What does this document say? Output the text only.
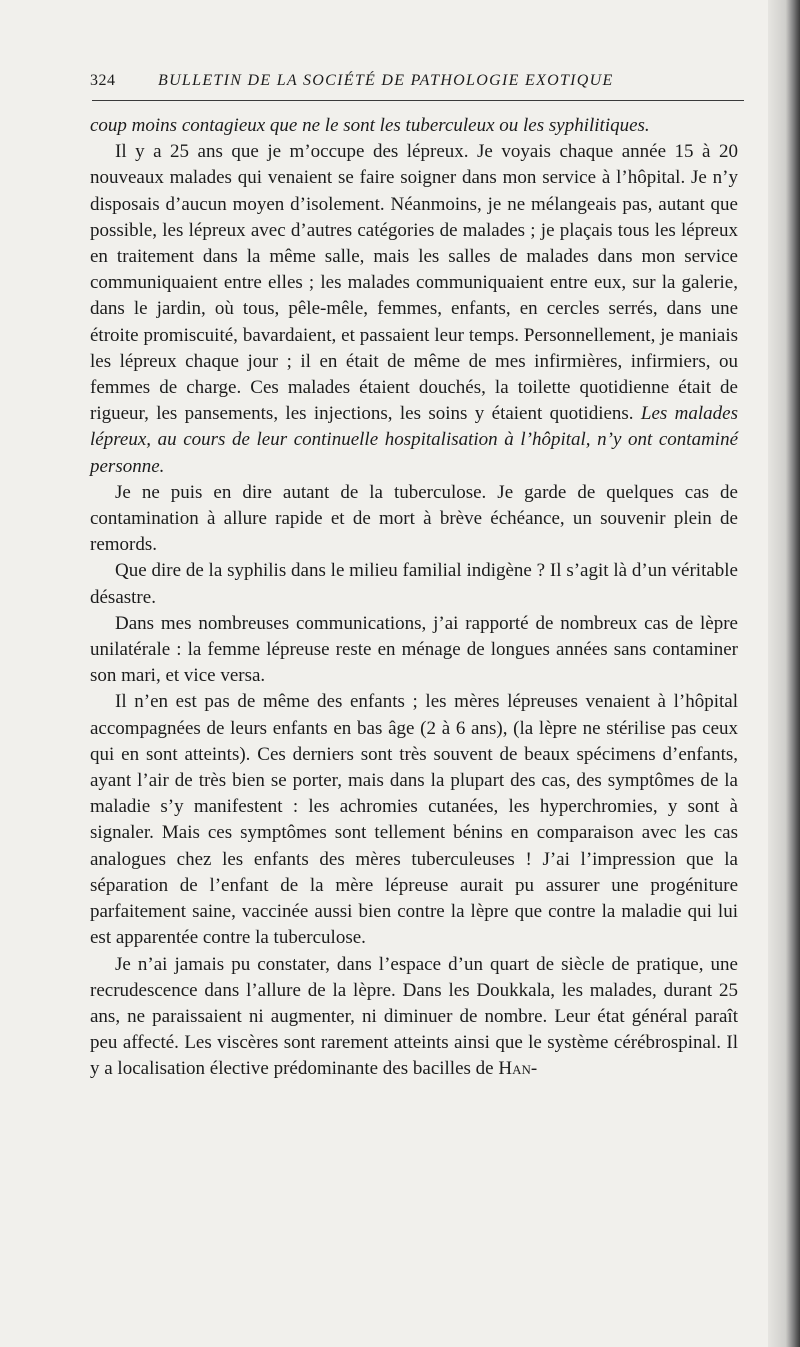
324	BULLETIN DE LA SOCIÉTÉ DE PATHOLOGIE EXOTIQUE

coup moins contagieux que ne le sont les tuberculeux ou les syphilitiques.

Il y a 25 ans que je m’occupe des lépreux. Je voyais chaque année 15 à 20 nouveaux malades qui venaient se faire soigner dans mon service à l’hôpital. Je n’y disposais d’aucun moyen d’isolement. Néanmoins, je ne mélangeais pas, autant que possible, les lépreux avec d’autres catégories de malades ; je plaçais tous les lépreux en traitement dans la même salle, mais les salles de malades dans mon service communiquaient entre elles ; les malades communiquaient entre eux, sur la galerie, dans le jardin, où tous, pêle-mêle, femmes, enfants, en cercles serrés, dans une étroite promiscuité, bavardaient, et passaient leur temps. Personnellement, je maniais les lépreux chaque jour ; il en était de même de mes infirmières, infirmiers, ou femmes de charge. Ces malades étaient douchés, la toilette quotidienne était de rigueur, les pansements, les injections, les soins y étaient quotidiens. Les malades lépreux, au cours de leur continuelle hospitalisation à l’hôpital, n’y ont contaminé personne.

Je ne puis en dire autant de la tuberculose. Je garde de quelques cas de contamination à allure rapide et de mort à brève échéance, un souvenir plein de remords.

Que dire de la syphilis dans le milieu familial indigène ? Il s’agit là d’un véritable désastre.

Dans mes nombreuses communications, j’ai rapporté de nombreux cas de lèpre unilatérale : la femme lépreuse reste en ménage de longues années sans contaminer son mari, et vice versa.

Il n’en est pas de même des enfants ; les mères lépreuses venaient à l’hôpital accompagnées de leurs enfants en bas âge (2 à 6 ans), (la lèpre ne stérilise pas ceux qui en sont atteints). Ces derniers sont très souvent de beaux spécimens d’enfants, ayant l’air de très bien se porter, mais dans la plupart des cas, des symptômes de la maladie s’y manifestent : les achromies cutanées, les hyperchromies, y sont à signaler. Mais ces symptômes sont tellement bénins en comparaison avec les cas analogues chez les enfants des mères tuberculeuses ! J’ai l’impression que la séparation de l’enfant de la mère lépreuse aurait pu assurer une progéniture parfaitement saine, vaccinée aussi bien contre la lèpre que contre la maladie qui lui est apparentée contre la tuberculose.

Je n’ai jamais pu constater, dans l’espace d’un quart de siècle de pratique, une recrudescence dans l’allure de la lèpre. Dans les Doukkala, les malades, durant 25 ans, ne paraissaient ni augmenter, ni diminuer de nombre. Leur état général paraît peu affecté. Les viscères sont rarement atteints ainsi que le système cérébrospinal. Il y a localisation élective prédominante des bacilles de Han-
